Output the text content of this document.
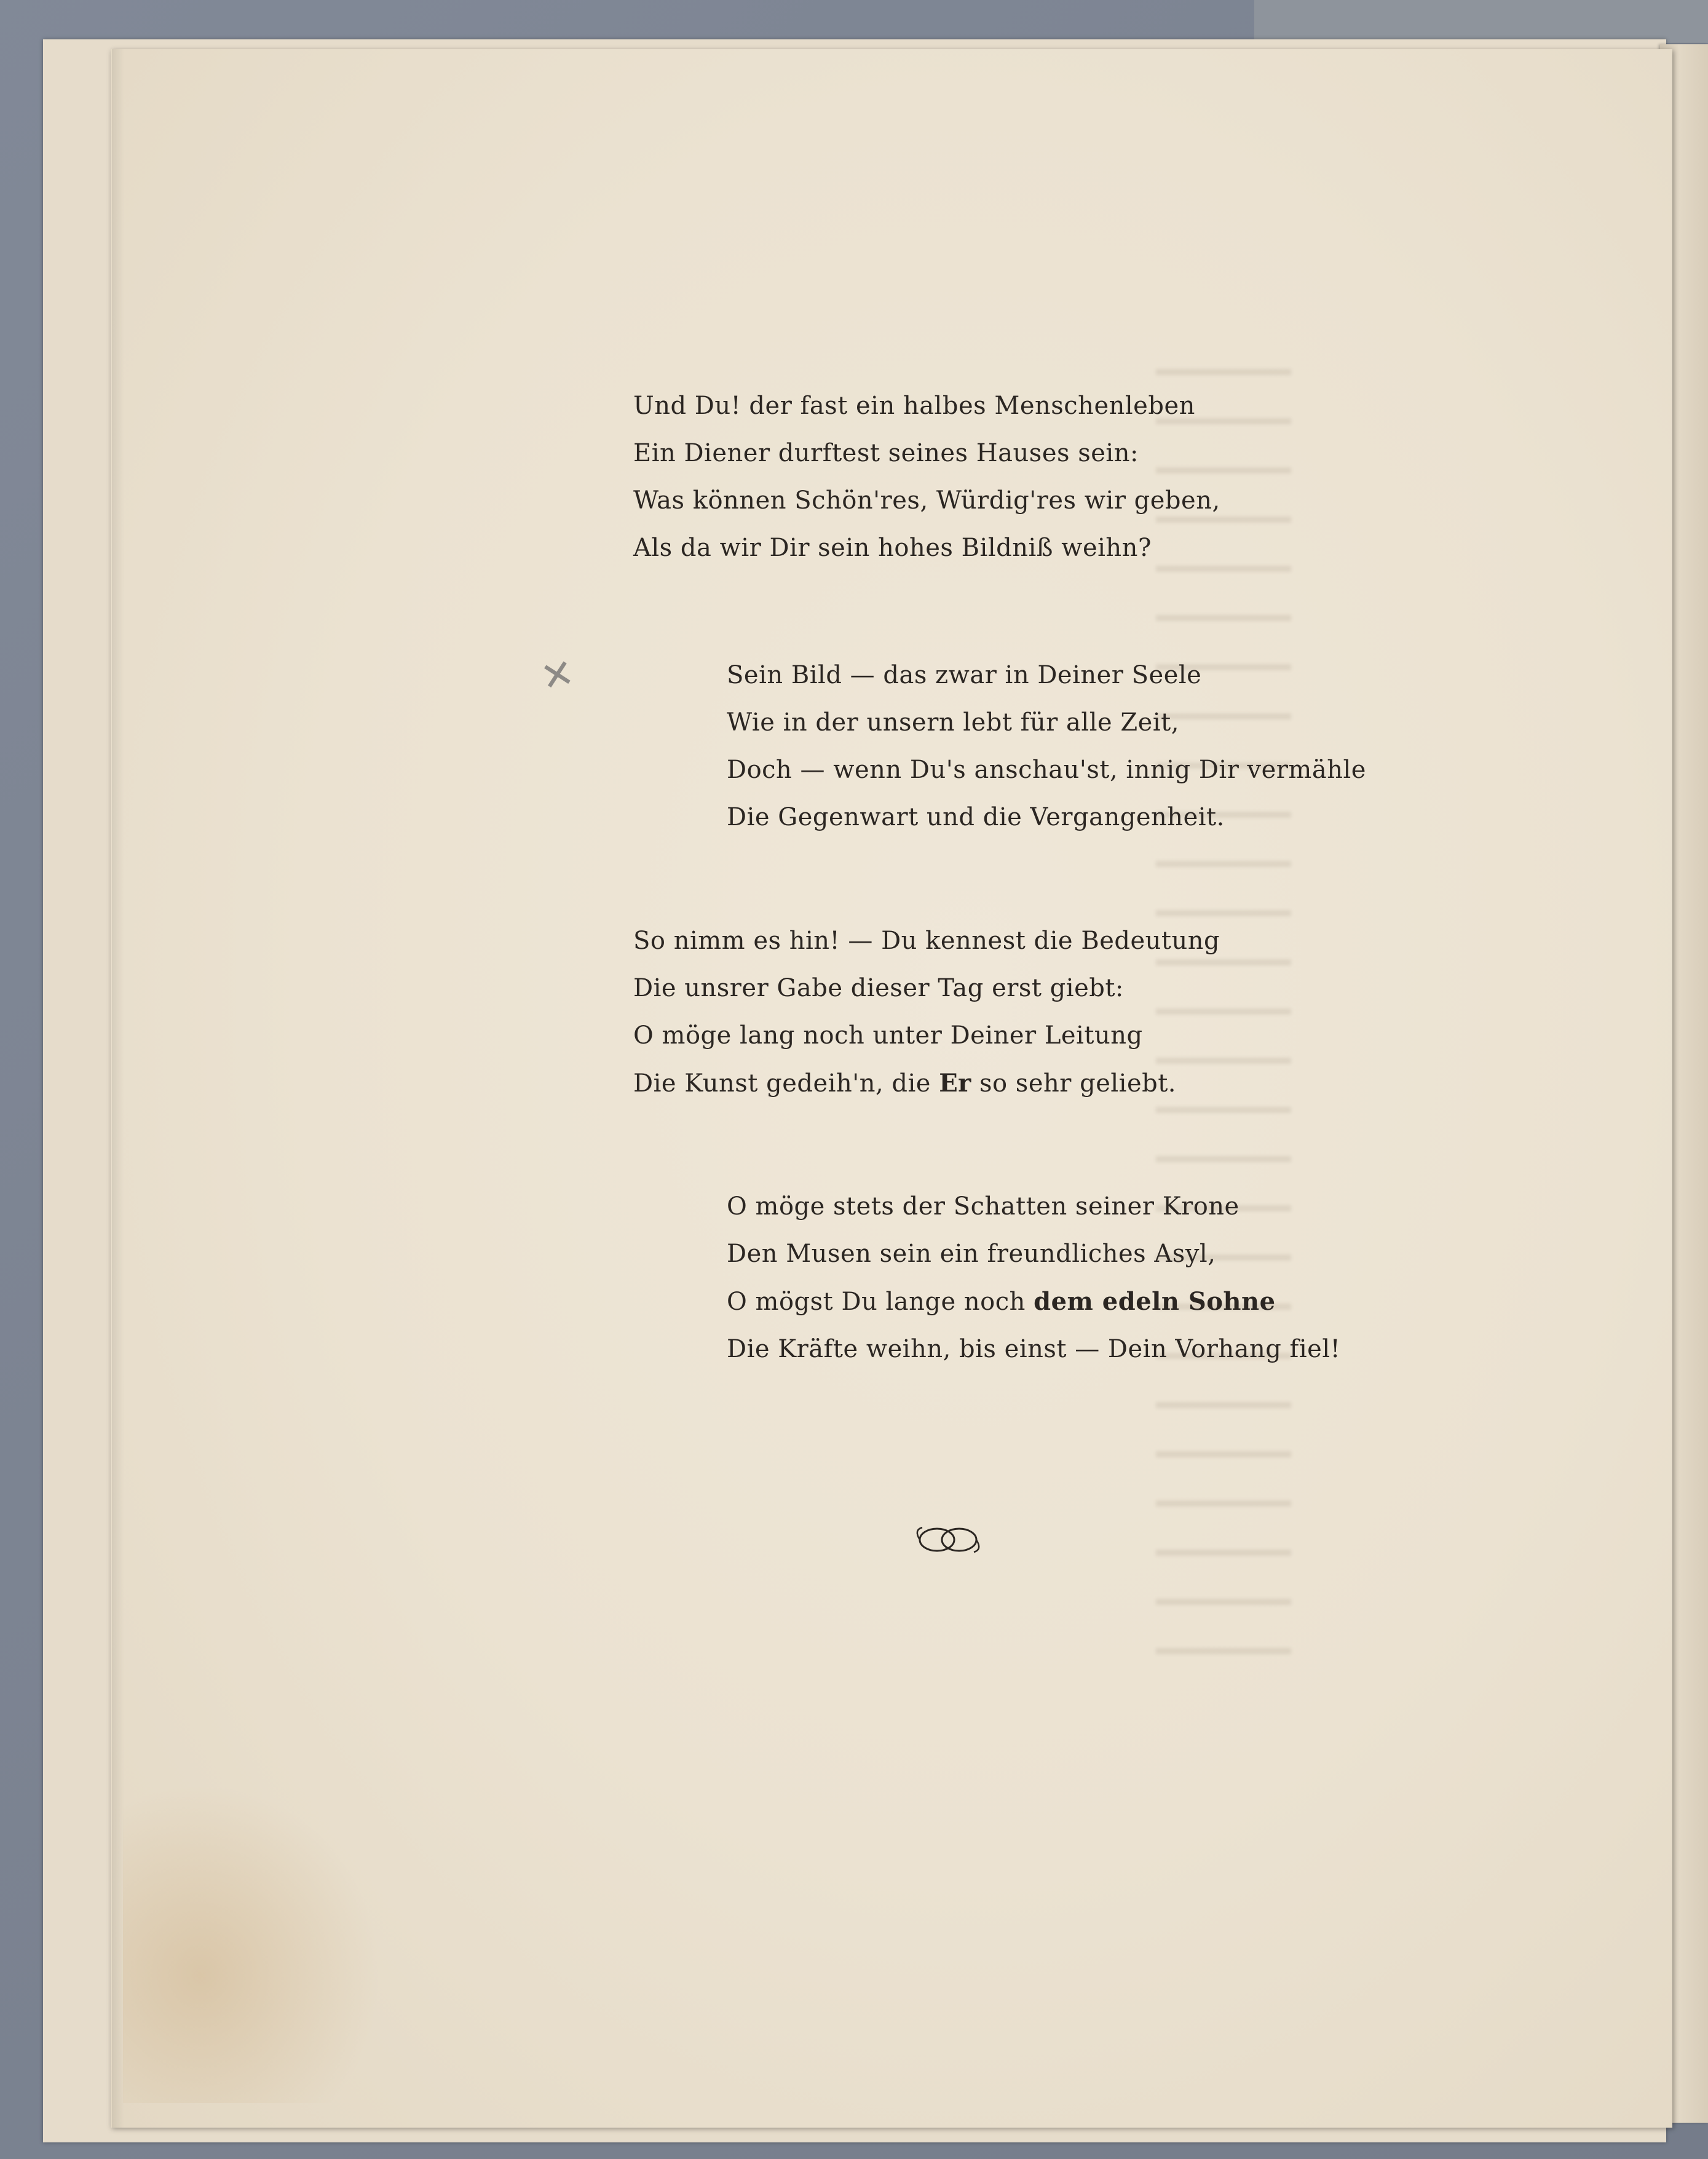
✕
Und Du! der fast ein halbes Menschenleben
Ein Diener durftest seines Hauses sein:
Was können Schön'res, Würdig'res wir geben,
Als da wir Dir sein hohes Bildniß weihn?
Sein Bild — das zwar in Deiner Seele
Wie in der unsern lebt für alle Zeit,
Doch — wenn Du's anschau'st, innig Dir vermähle
Die Gegenwart und die Vergangenheit.
So nimm es hin! — Du kennest die Bedeutung
Die unsrer Gabe dieser Tag erst giebt:
O möge lang noch unter Deiner Leitung
Die Kunst gedeih'n, die Er so sehr geliebt.
O möge stets der Schatten seiner Krone
Den Musen sein ein freundliches Asyl,
O mögst Du lange noch dem edeln Sohne
Die Kräfte weihn, bis einst — Dein Vorhang fiel!
